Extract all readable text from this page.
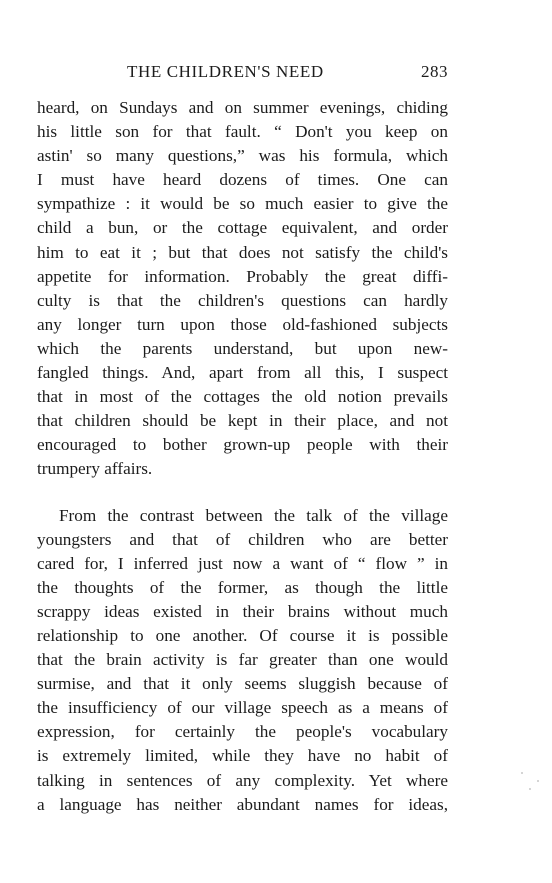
THE CHILDREN'S NEED	283
heard, on Sundays and on summer evenings, chiding
his little son for that fault. “ Don't you keep on
astin' so many questions,” was his formula, which
I must have heard dozens of times. One can
sympathize : it would be so much easier to give the
child a bun, or the cottage equivalent, and order
him to eat it ; but that does not satisfy the child's
appetite for information. Probably the great diffi-
culty is that the children's questions can hardly
any longer turn upon those old-fashioned subjects
which the parents understand, but upon new-
fangled things. And, apart from all this, I suspect
that in most of the cottages the old notion prevails
that children should be kept in their place, and not
encouraged to bother grown-up people with their
trumpery affairs.
From the contrast between the talk of the village
youngsters and that of children who are better
cared for, I inferred just now a want of “ flow ” in
the thoughts of the former, as though the little
scrappy ideas existed in their brains without much
relationship to one another. Of course it is possible
that the brain activity is far greater than one would
surmise, and that it only seems sluggish because of
the insufficiency of our village speech as a means of
expression, for certainly the people's vocabulary
is extremely limited, while they have no habit of
talking in sentences of any complexity. Yet where
a language has neither abundant names for ideas,
